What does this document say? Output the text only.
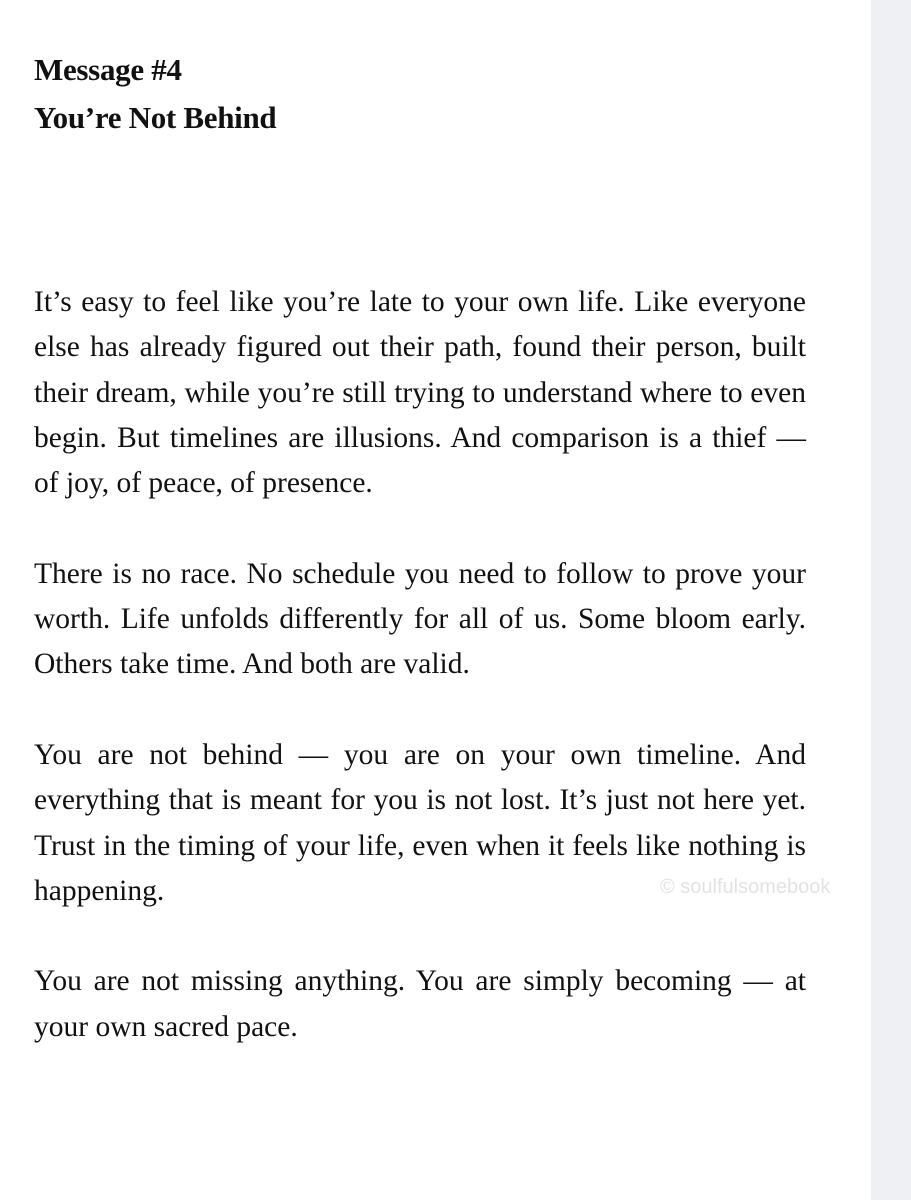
Message #4
You’re Not Behind

It’s easy to feel like you’re late to your own life. Like everyone else has already figured out their path, found their person, built their dream, while you’re still trying to understand where to even begin. But timelines are illusions. And comparison is a thief — of joy, of peace, of presence.

There is no race. No schedule you need to follow to prove your worth. Life unfolds differently for all of us. Some bloom early. Others take time. And both are valid.

You are not behind — you are on your own timeline. And everything that is meant for you is not lost. It’s just not here yet. Trust in the timing of your life, even when it feels like nothing is happening.

You are not missing anything. You are simply becoming — at your own sacred pace.

© soulfulsomebook
